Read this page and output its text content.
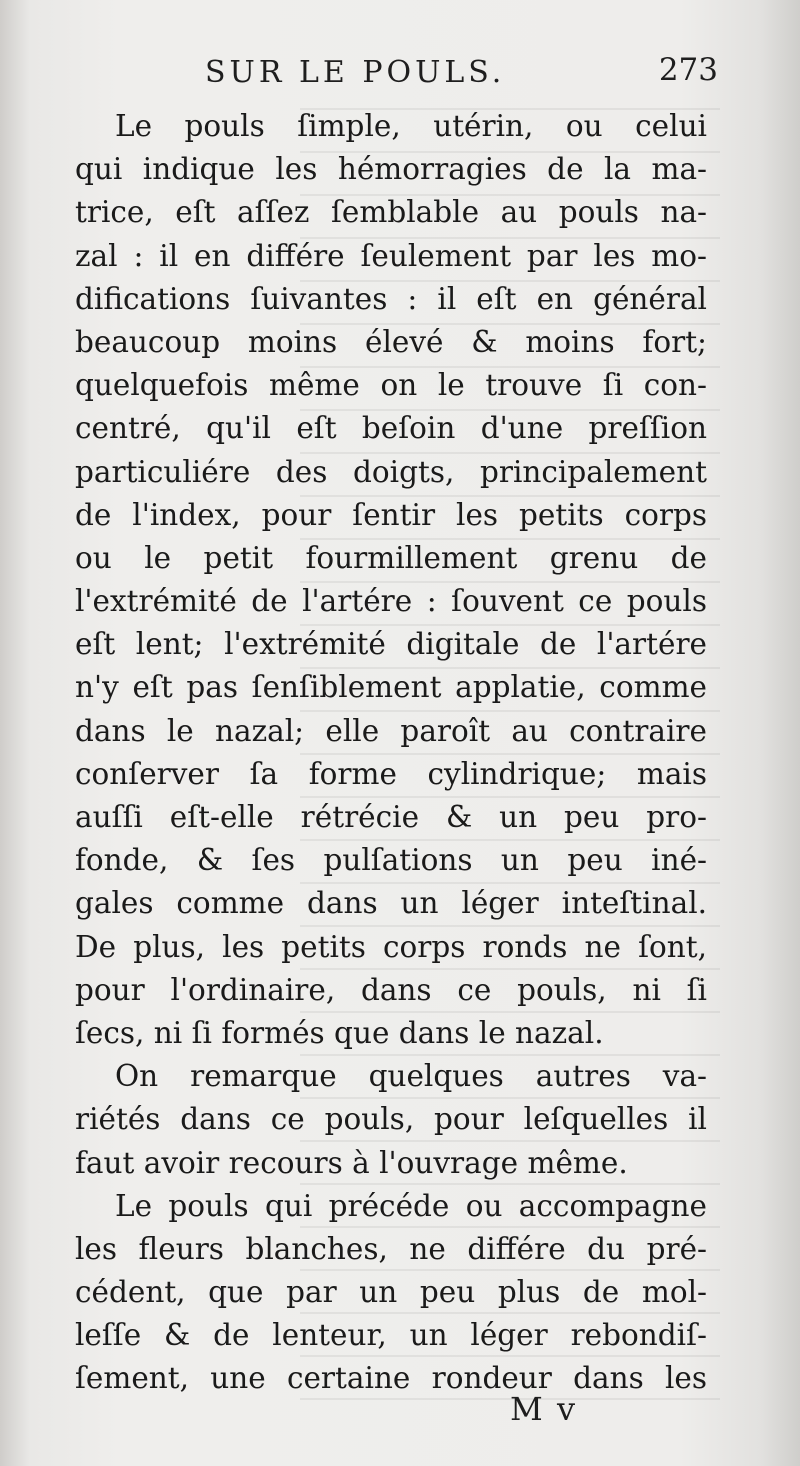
SUR LE POULS.	273
Le pouls ſimple, utérin, ou celui
qui indique les hémorragies de la ma-
trice, eſt aſſez ſemblable au pouls na-
zal : il en différe ſeulement par les mo-
difications ſuivantes : il eſt en général
beaucoup moins élevé & moins fort;
quelquefois même on le trouve ſi con-
centré, qu'il eſt beſoin d'une preſſion
particuliére des doigts, principalement
de l'index, pour ſentir les petits corps
ou le petit fourmillement grenu de
l'extrémité de l'artére : ſouvent ce pouls
eſt lent; l'extrémité digitale de l'artére
n'y eſt pas ſenſiblement applatie, comme
dans le nazal; elle paroît au contraire
conſerver ſa forme cylindrique; mais
auſſi eſt-elle rétrécie & un peu pro-
fonde, & ſes pulſations un peu iné-
gales comme dans un léger inteſtinal.
De plus, les petits corps ronds ne ſont,
pour l'ordinaire, dans ce pouls, ni ſi
ſecs, ni ſi formés que dans le nazal.
On remarque quelques autres va-
riétés dans ce pouls, pour leſquelles il
faut avoir recours à l'ouvrage même.
Le pouls qui précéde ou accompagne
les fleurs blanches, ne différe du pré-
cédent, que par un peu plus de mol-
leſſe & de lenteur, un léger rebondiſ-
ſement, une certaine rondeur dans les
M v
